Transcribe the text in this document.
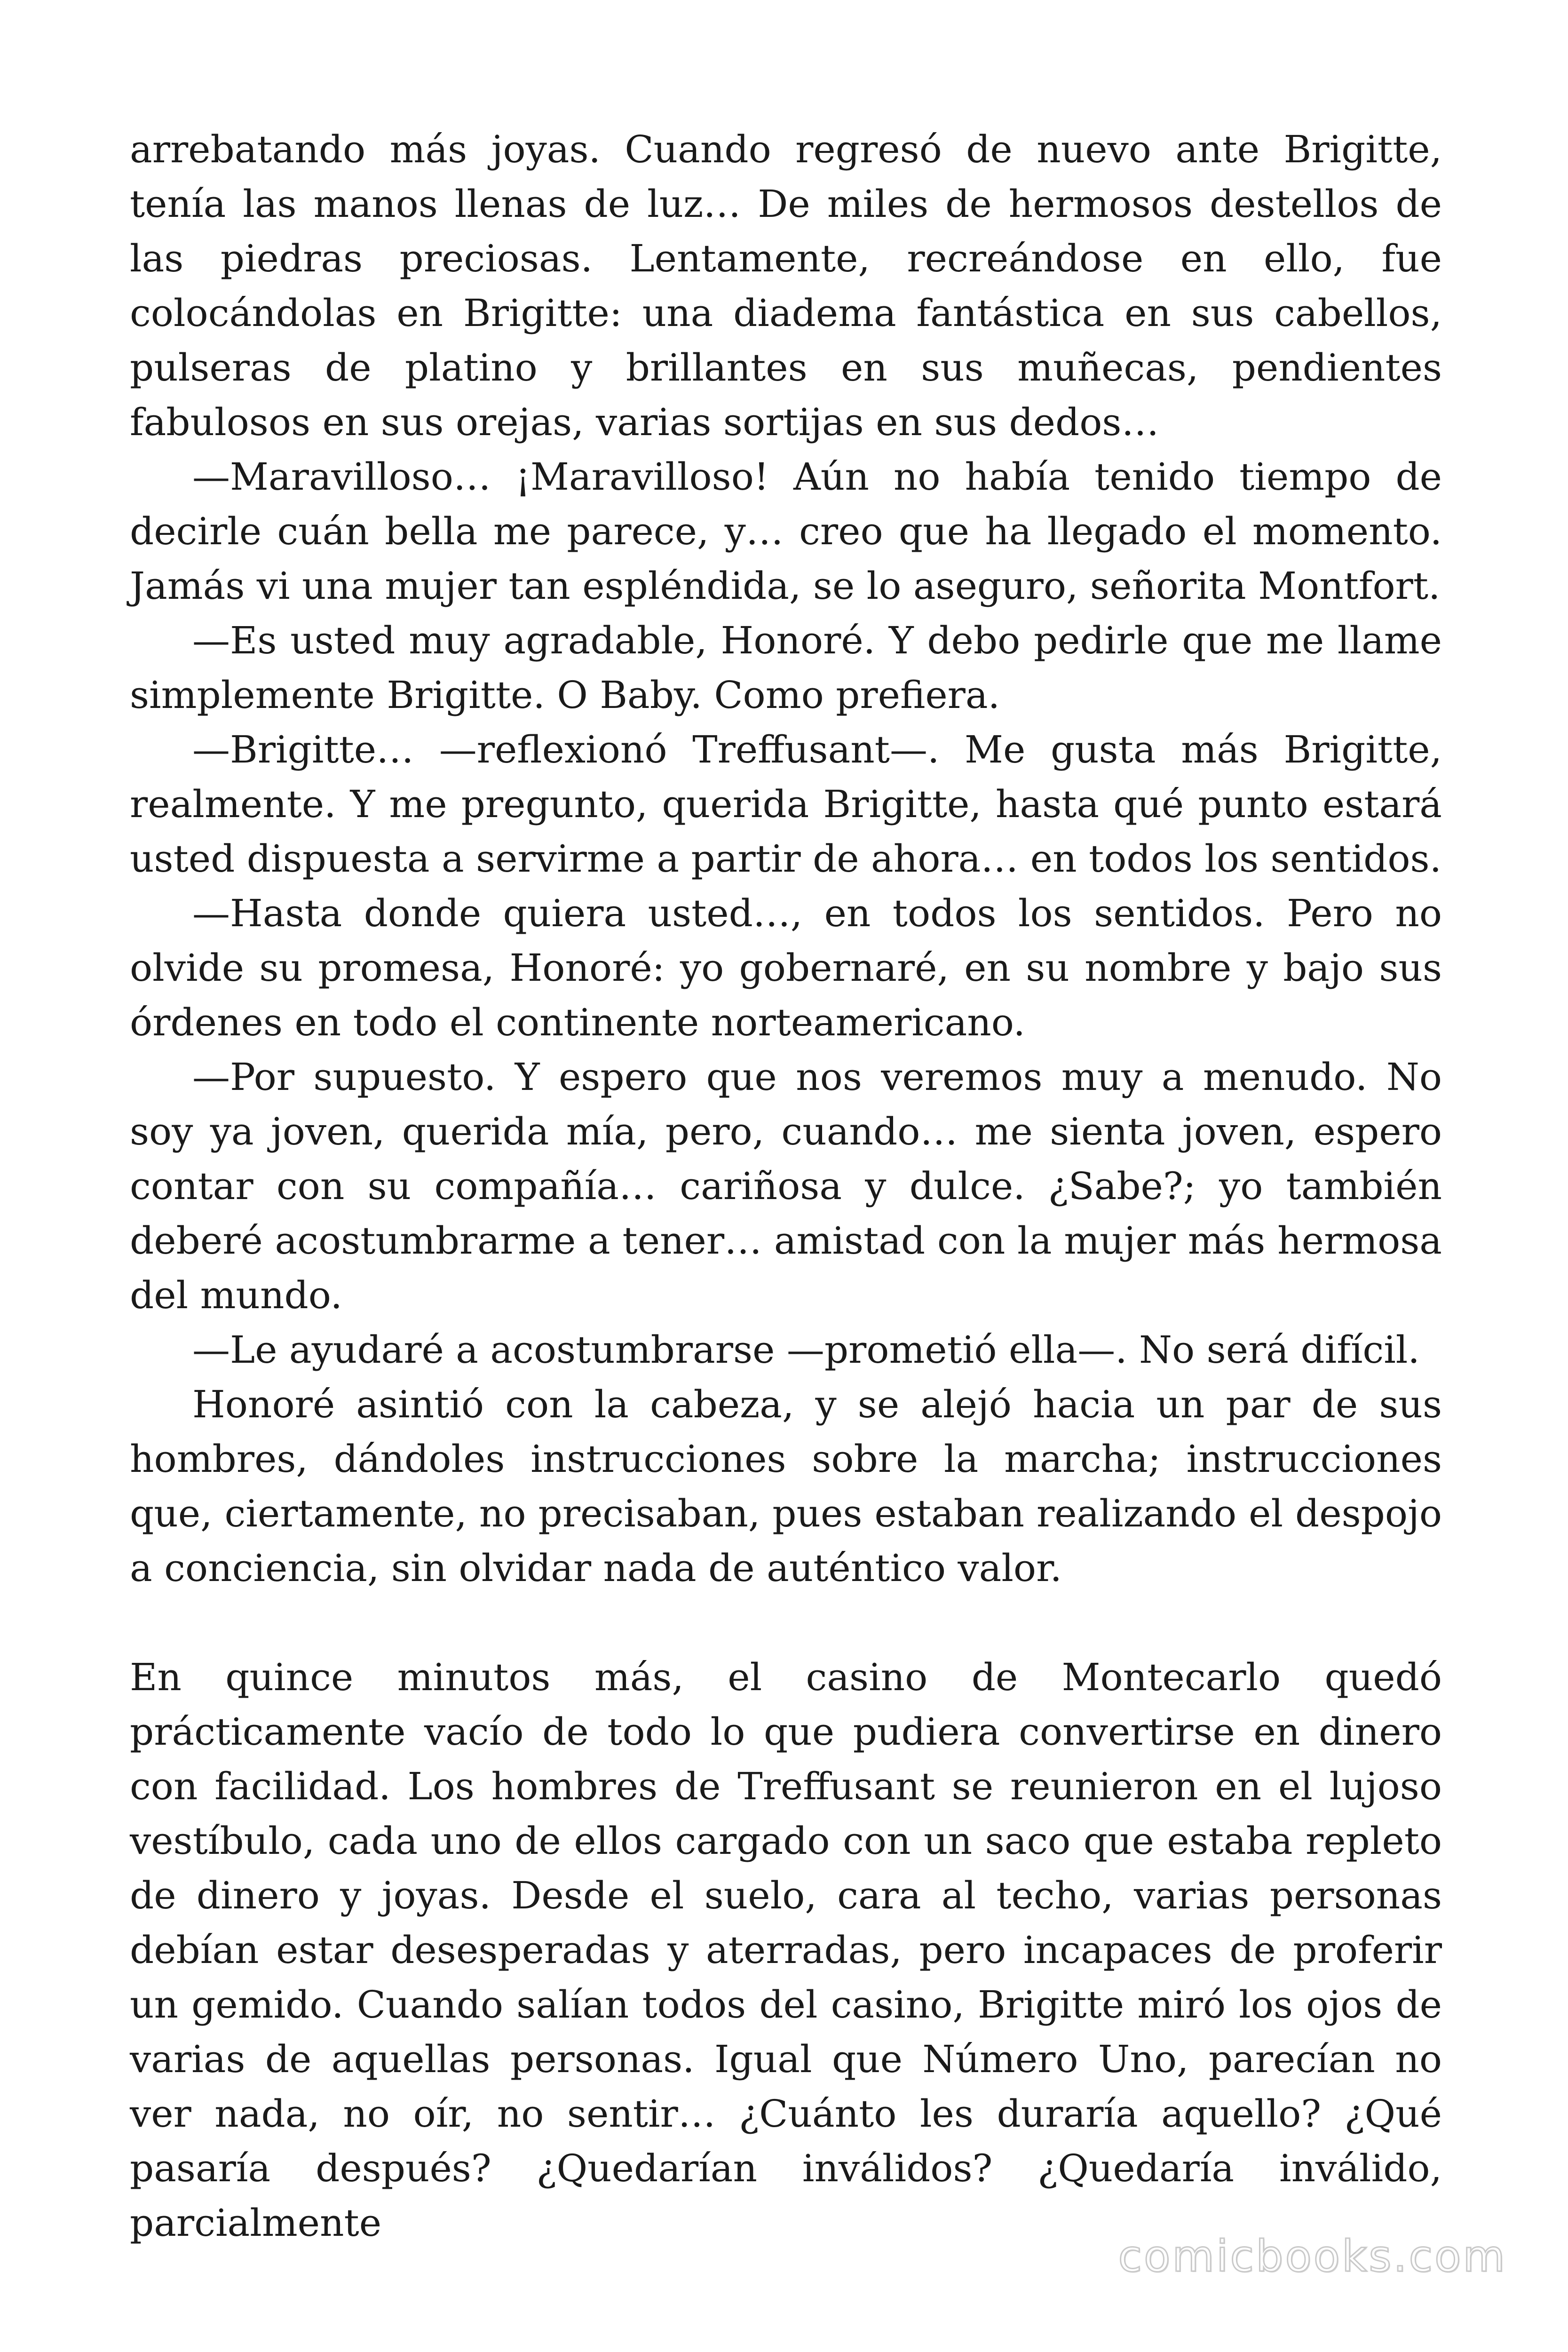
arrebatando más joyas. Cuando regresó de nuevo ante Brigitte, tenía las manos llenas de luz… De miles de hermosos destellos de las piedras preciosas. Lentamente, recreándose en ello, fue colocándolas en Brigitte: una diadema fantástica en sus cabellos, pulseras de platino y brillantes en sus muñecas, pendientes fabulosos en sus orejas, varias sortijas en sus dedos…

—Maravilloso… ¡Maravilloso! Aún no había tenido tiempo de decirle cuán bella me parece, y… creo que ha llegado el momento. Jamás vi una mujer tan espléndida, se lo aseguro, señorita Montfort.

—Es usted muy agradable, Honoré. Y debo pedirle que me llame simplemente Brigitte. O Baby. Como prefiera.

—Brigitte… —reflexionó Treffusant—. Me gusta más Brigitte, realmente. Y me pregunto, querida Brigitte, hasta qué punto estará usted dispuesta a servirme a partir de ahora… en todos los sentidos.

—Hasta donde quiera usted…, en todos los sentidos. Pero no olvide su promesa, Honoré: yo gobernaré, en su nombre y bajo sus órdenes en todo el continente norteamericano.

—Por supuesto. Y espero que nos veremos muy a menudo. No soy ya joven, querida mía, pero, cuando… me sienta joven, espero contar con su compañía… cariñosa y dulce. ¿Sabe?; yo también deberé acostumbrarme a tener… amistad con la mujer más hermosa del mundo.

—Le ayudaré a acostumbrarse —prometió ella—. No será difícil.

Honoré asintió con la cabeza, y se alejó hacia un par de sus hombres, dándoles instrucciones sobre la marcha; instrucciones que, ciertamente, no precisaban, pues estaban realizando el despojo a conciencia, sin olvidar nada de auténtico valor.

En quince minutos más, el casino de Montecarlo quedó prácticamente vacío de todo lo que pudiera convertirse en dinero con facilidad. Los hombres de Treffusant se reunieron en el lujoso vestíbulo, cada uno de ellos cargado con un saco que estaba repleto de dinero y joyas. Desde el suelo, cara al techo, varias personas debían estar desesperadas y aterradas, pero incapaces de proferir un gemido. Cuando salían todos del casino, Brigitte miró los ojos de varias de aquellas personas. Igual que Número Uno, parecían no ver nada, no oír, no sentir… ¿Cuánto les duraría aquello? ¿Qué pasaría después? ¿Quedarían inválidos? ¿Quedaría inválido, parcialmente

comicbooks.com
